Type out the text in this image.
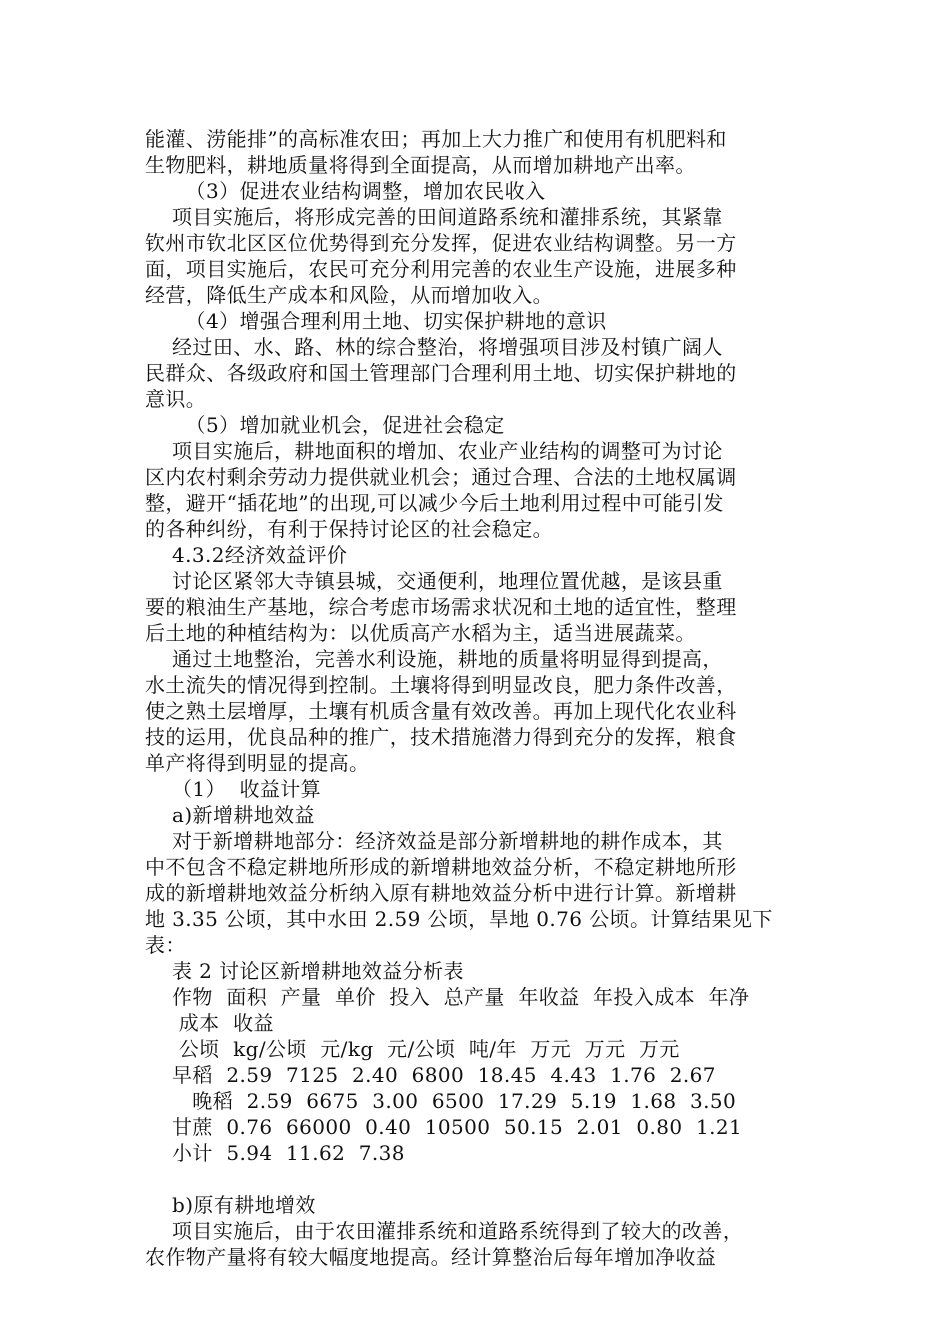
能灌、涝能排”的高标准农田；再加上大力推广和使用有机肥料和

生物肥料，耕地质量将得到全面提高，从而增加耕地产出率。

（3）促进农业结构调整，增加农民收入

项目实施后，将形成完善的田间道路系统和灌排系统，其紧靠

钦州市钦北区区位优势得到充分发挥，促进农业结构调整。另一方

面，项目实施后，农民可充分利用完善的农业生产设施，进展多种

经营，降低生产成本和风险，从而增加收入。

（4）增强合理利用土地、切实保护耕地的意识

经过田、水、路、林的综合整治，将增强项目涉及村镇广阔人

民群众、各级政府和国土管理部门合理利用土地、切实保护耕地的

意识。

（5）增加就业机会，促进社会稳定

项目实施后，耕地面积的增加、农业产业结构的调整可为讨论

区内农村剩余劳动力提供就业机会；通过合理、合法的土地权属调

整，避开“插花地”的出现,可以减少今后土地利用过程中可能引发

的各种纠纷，有利于保持讨论区的社会稳定。

4.3.2经济效益评价

讨论区紧邻大寺镇县城，交通便利，地理位置优越，是该县重

要的粮油生产基地，综合考虑市场需求状况和土地的适宜性，整理

后土地的种植结构为：以优质高产水稻为主，适当进展蔬菜。

通过土地整治，完善水利设施，耕地的质量将明显得到提高，

水土流失的情况得到控制。土壤将得到明显改良，肥力条件改善，

使之熟土层增厚，土壤有机质含量有效改善。再加上现代化农业科

技的运用，优良品种的推广，技术措施潜力得到充分的发挥，粮食

单产将得到明显的提高。

（1）  收益计算

a)新增耕地效益

对于新增耕地部分：经济效益是部分新增耕地的耕作成本，其

中不包含不稳定耕地所形成的新增耕地效益分析，不稳定耕地所形

成的新增耕地效益分析纳入原有耕地效益分析中进行计算。新增耕

地 3.35 公顷，其中水田 2.59 公顷，旱地 0.76 公顷。计算结果见下

表：

表 2 讨论区新增耕地效益分析表

作物  面积  产量  单价  投入  总产量  年收益  年投入成本  年净

成本  收益

公顷  kg/公顷  元/kg  元/公顷  吨/年  万元  万元  万元

早稻  2.59  7125  2.40  6800  18.45  4.43  1.76  2.67

晚稻  2.59  6675  3.00  6500  17.29  5.19  1.68  3.50

甘蔗  0.76  66000  0.40  10500  50.15  2.01  0.80  1.21

小计  5.94  11.62  7.38

b)原有耕地增效

项目实施后，由于农田灌排系统和道路系统得到了较大的改善，

农作物产量将有较大幅度地提高。经计算整治后每年增加净收益
